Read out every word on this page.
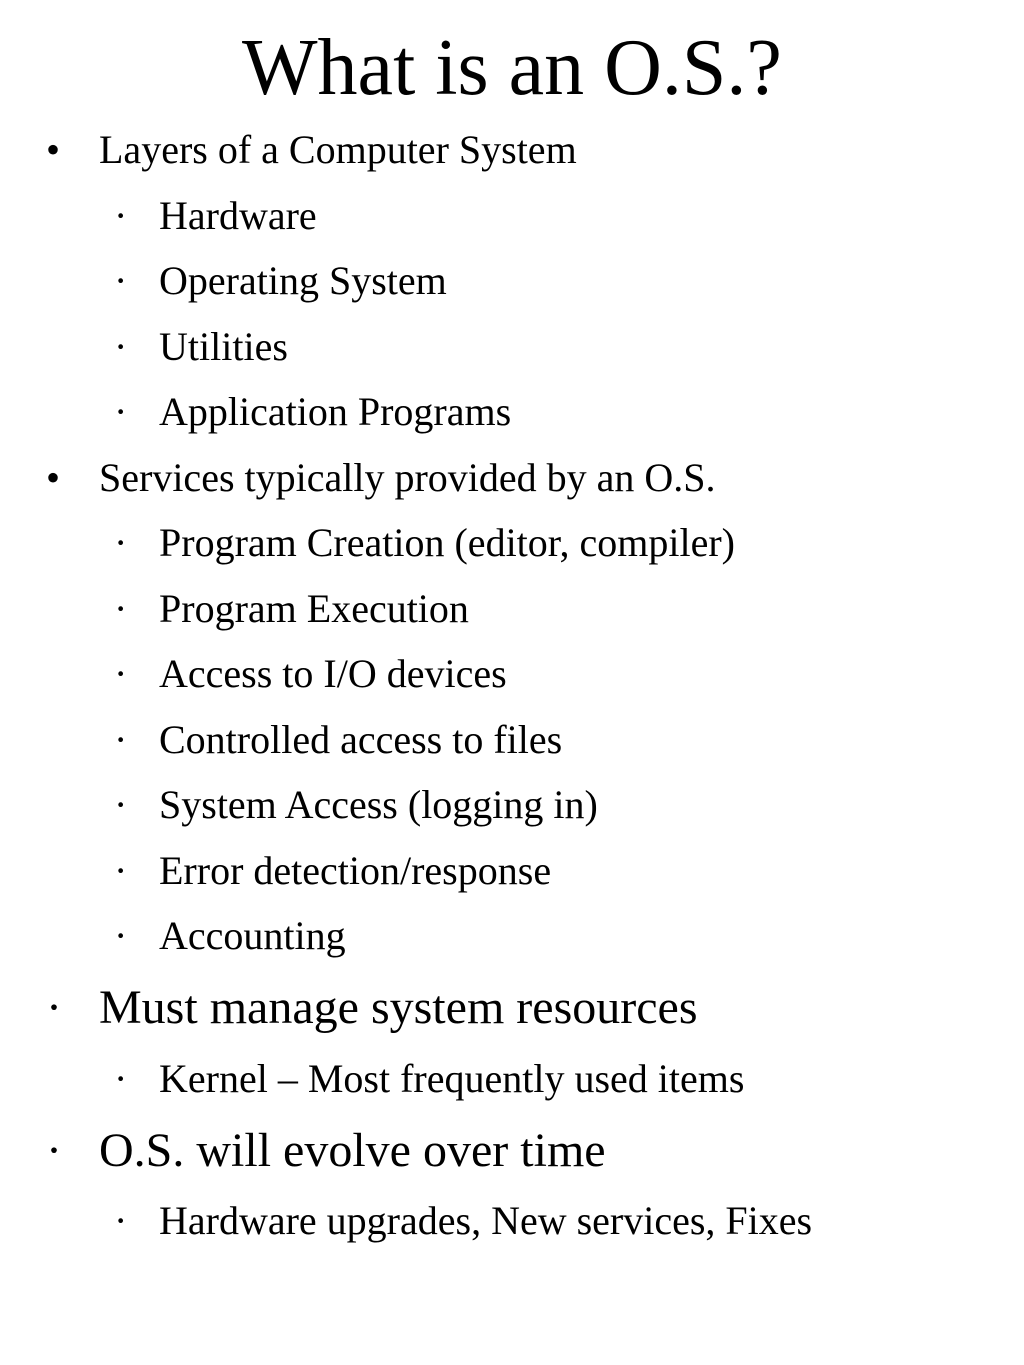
What is an O.S.?
• Layers of a Computer System
· Hardware
· Operating System
· Utilities
· Application Programs
• Services typically provided by an O.S.
· Program Creation (editor, compiler)
· Program Execution
· Access to I/O devices
· Controlled access to files
· System Access (logging in)
· Error detection/response
· Accounting
· Must manage system resources
· Kernel – Most frequently used items
· O.S. will evolve over time
· Hardware upgrades, New services, Fixes
